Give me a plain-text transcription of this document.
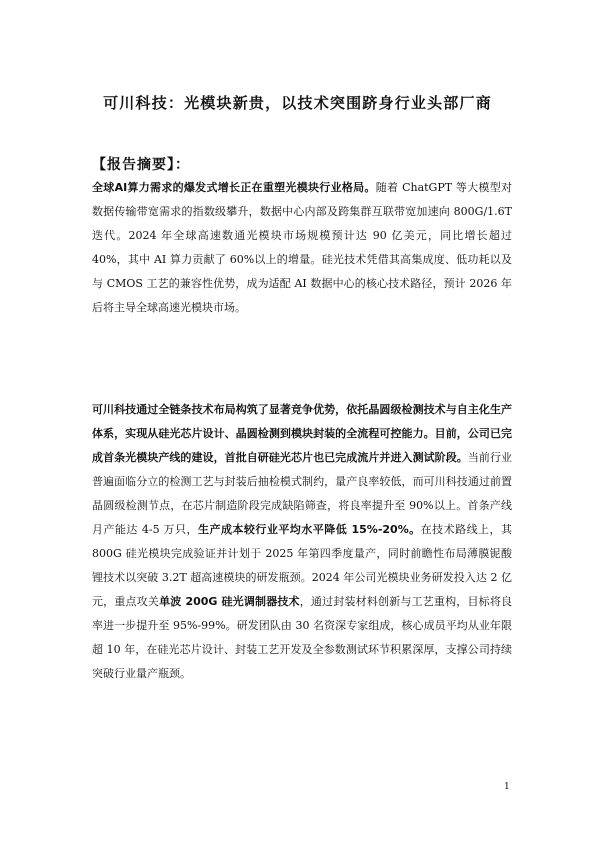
可川科技：光模块新贵，以技术突围跻身行业头部厂商
【报告摘要】：

全球AI算力需求的爆发式增长正在重塑光模块行业格局。随着 ChatGPT 等大模型对数据传输带宽需求的指数级攀升，数据中心内部及跨集群互联带宽加速向 800G/1.6T 迭代。2024 年全球高速数通光模块市场规模预计达 90 亿美元，同比增长超过 40%，其中 AI 算力贡献了 60%以上的增量。硅光技术凭借其高集成度、低功耗以及与 CMOS 工艺的兼容性优势，成为适配 AI 数据中心的核心技术路径，预计 2026 年后将主导全球高速光模块市场。

可川科技通过全链条技术布局构筑了显著竞争优势，依托晶圆级检测技术与自主化生产体系，实现从硅光芯片设计、晶圆检测到模块封装的全流程可控能力。目前，公司已完成首条光模块产线的建设，首批自研硅光芯片也已完成流片并进入测试阶段。当前行业普遍面临分立的检测工艺与封装后抽检模式制约，量产良率较低，而可川科技通过前置晶圆级检测节点，在芯片制造阶段完成缺陷筛查，将良率提升至 90%以上。首条产线月产能达 4-5 万只，生产成本较行业平均水平降低 15%-20%。在技术路线上，其 800G 硅光模块完成验证并计划于 2025 年第四季度量产，同时前瞻性布局薄膜铌酸锂技术以突破 3.2T 超高速模块的研发瓶颈。2024 年公司光模块业务研发投入达 2 亿元，重点攻关单波 200G 硅光调制器技术，通过封装材料创新与工艺重构，目标将良率进一步提升至 95%-99%。研发团队由 30 名资深专家组成，核心成员平均从业年限超 10 年，在硅光芯片设计、封装工艺开发及全参数测试环节积累深厚，支撑公司持续突破行业量产瓶颈。

1
